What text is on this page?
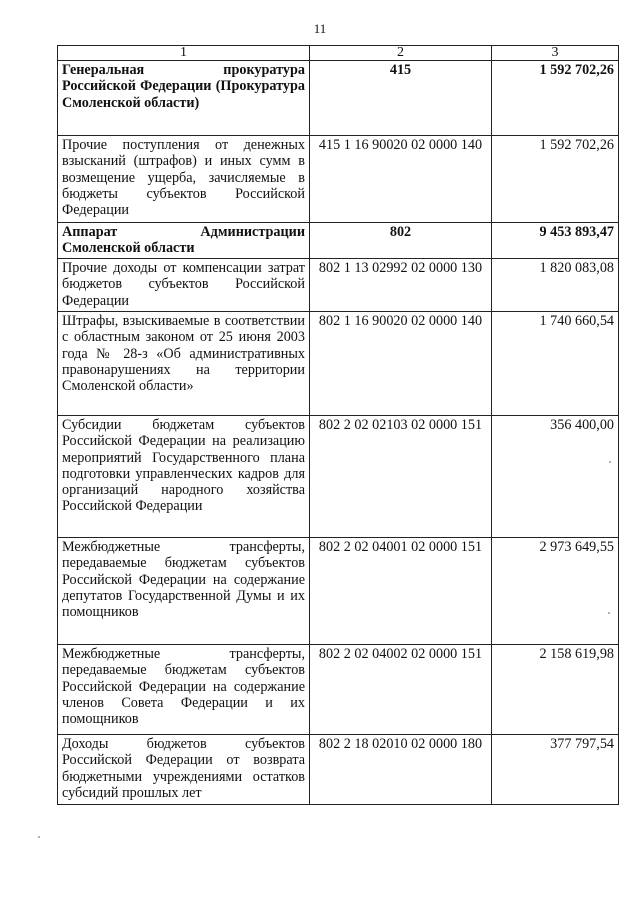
11
1	2	3
Генеральная прокуратура Российской Федерации (Прокуратура Смоленской области)	415	1 592 702,26
Прочие поступления от денежных взысканий (штрафов) и иных сумм в возмещение ущерба, зачисляемые в бюджеты субъектов Российской Федерации	415 1 16 90020 02 0000 140	1 592 702,26
Аппарат Администрации Смоленской области	802	9 453 893,47
Прочие доходы от компенсации затрат бюджетов субъектов Российской Федерации	802 1 13 02992 02 0000 130	1 820 083,08
Штрафы, взыскиваемые в соответствии с областным законом от 25 июня 2003 года № 28-з «Об административных правонарушениях на территории Смоленской области»	802 1 16 90020 02 0000 140	1 740 660,54
Субсидии бюджетам субъектов Российской Федерации на реализацию мероприятий Государственного плана подготовки управленческих кадров для организаций народного хозяйства Российской Федерации	802 2 02 02103 02 0000 151	356 400,00
Межбюджетные трансферты, передаваемые бюджетам субъектов Российской Федерации на содержание депутатов Государственной Думы и их помощников	802 2 02 04001 02 0000 151	2 973 649,55
Межбюджетные трансферты, передаваемые бюджетам субъектов Российской Федерации на содержание членов Совета Федерации и их помощников	802 2 02 04002 02 0000 151	2 158 619,98
Доходы бюджетов субъектов Российской Федерации от возврата бюджетными учреждениями остатков субсидий прошлых лет	802 2 18 02010 02 0000 180	377 797,54
